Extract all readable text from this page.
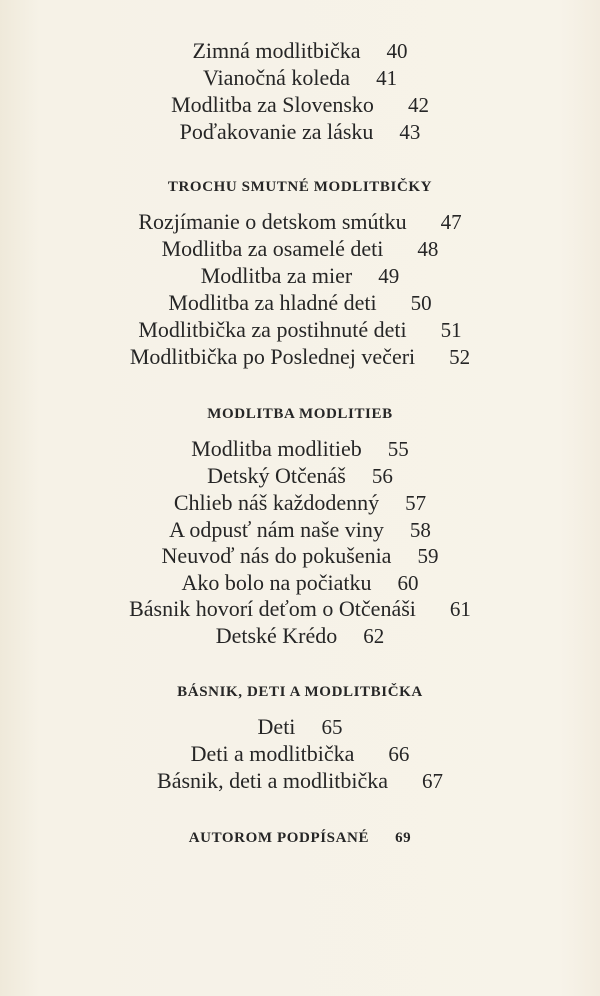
Zimná modlitbička 40
Vianočná koleda 41
Modlitba za Slovensko 42
Poďakovanie za lásku 43
TROCHU SMUTNÉ MODLITBIČKY
Rozjímanie o detskom smútku 47
Modlitba za osamelé deti 48
Modlitba za mier 49
Modlitba za hladné deti 50
Modlitbička za postihnuté deti 51
Modlitbička po Poslednej večeri 52
MODLITBA MODLITIEB
Modlitba modlitieb 55
Detský Otčenáš 56
Chlieb náš každodenný 57
A odpusť nám naše viny 58
Neuvoď nás do pokušenia 59
Ako bolo na počiatku 60
Básnik hovorí deťom o Otčenáši 61
Detské Krédo 62
BÁSNIK, DETI A MODLITBIČKA
Deti 65
Deti a modlitbička 66
Básnik, deti a modlitbička 67
AUTOROM PODPÍSANÉ 69
